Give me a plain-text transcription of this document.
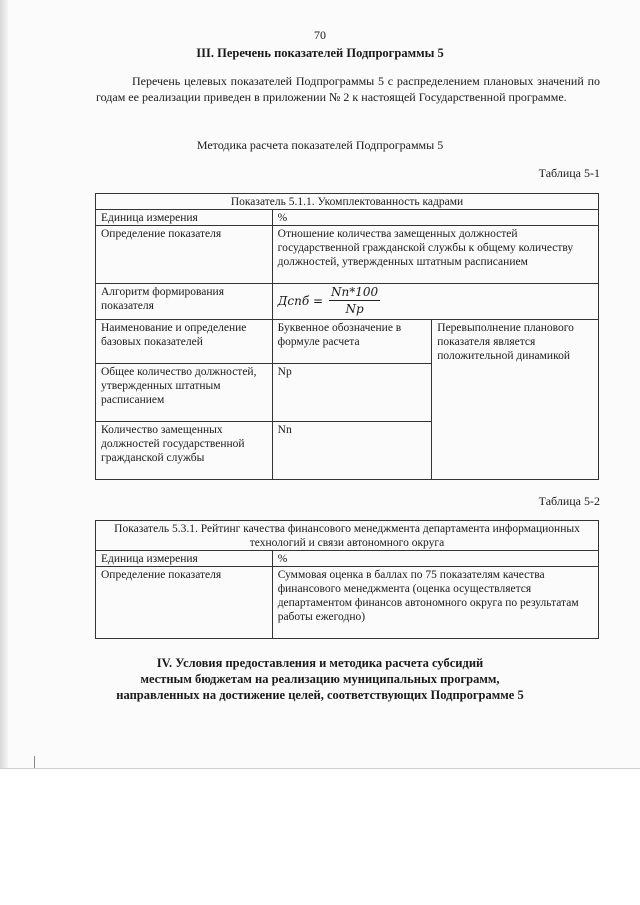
70
III. Перечень показателей Подпрограммы 5
Перечень целевых показателей Подпрограммы 5 с распределением плановых значений по годам ее реализации приведен в приложении № 2 к настоящей Государственной программе.
Методика расчета показателей Подпрограммы 5
Таблица 5-1
Показатель 5.1.1. Укомплектованность кадрами		
Единица измерения	%	
Определение показателя	Отношение количества замещенных должностей государственной гражданской службы к общему количеству должностей, утвержденных штатным расписанием	
Алгоритм формирования показателя	Дспб = $\frac{Nn*100}{Np}$

Наименование и определение базовых показателей	Буквенное обозначение в формуле расчета	Перевыполнение планового показателя является положительной динамикой
Общее количество должностей, утвержденных штатным расписанием	Np	
Количество замещенных должностей государственной гражданской службы	Nn	
Таблица 5-2
Показатель 5.3.1. Рейтинг качества финансового менеджмента департамента информационных технологий и связи автономного округа	
Единица измерения	%
Определение показателя	Суммовая оценка в баллах по 75 показателям качества финансового менеджмента (оценка осуществляется департаментом финансов автономного округа по результатам работы ежегодно)
IV. Условия предоставления и методика расчета субсидий
местным бюджетам на реализацию муниципальных программ,
направленных на достижение целей, соответствующих Подпрограмме 5
